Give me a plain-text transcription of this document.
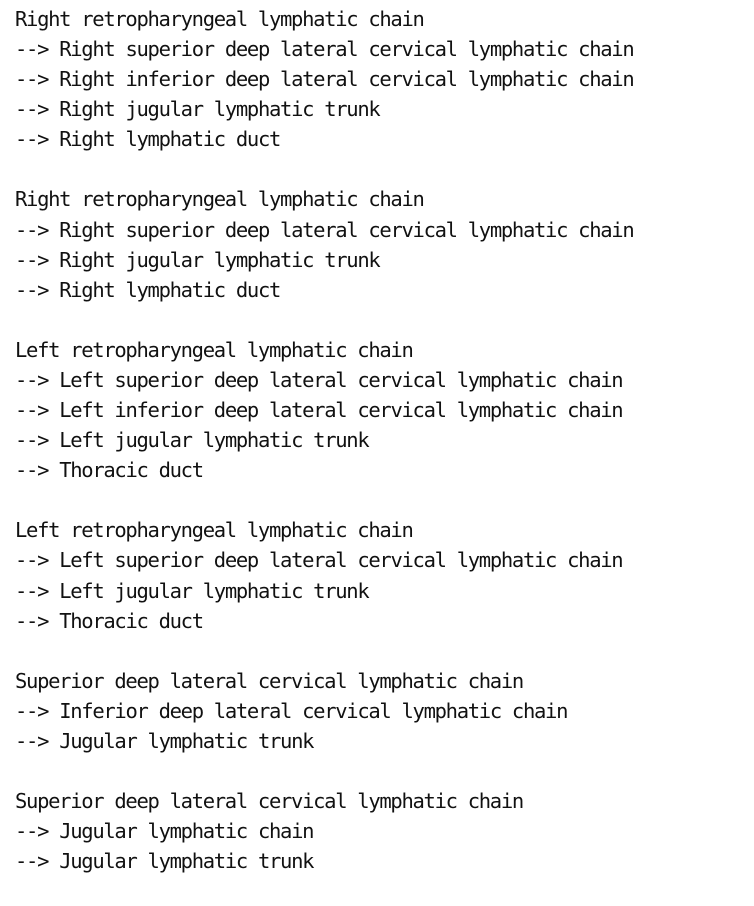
Right retropharyngeal lymphatic chain
--> Right superior deep lateral cervical lymphatic chain
--> Right inferior deep lateral cervical lymphatic chain
--> Right jugular lymphatic trunk
--> Right lymphatic duct
Right retropharyngeal lymphatic chain
--> Right superior deep lateral cervical lymphatic chain
--> Right jugular lymphatic trunk
--> Right lymphatic duct
Left retropharyngeal lymphatic chain
--> Left superior deep lateral cervical lymphatic chain
--> Left inferior deep lateral cervical lymphatic chain
--> Left jugular lymphatic trunk
--> Thoracic duct
Left retropharyngeal lymphatic chain
--> Left superior deep lateral cervical lymphatic chain
--> Left jugular lymphatic trunk
--> Thoracic duct
Superior deep lateral cervical lymphatic chain
--> Inferior deep lateral cervical lymphatic chain
--> Jugular lymphatic trunk
Superior deep lateral cervical lymphatic chain
--> Jugular lymphatic chain
--> Jugular lymphatic trunk
